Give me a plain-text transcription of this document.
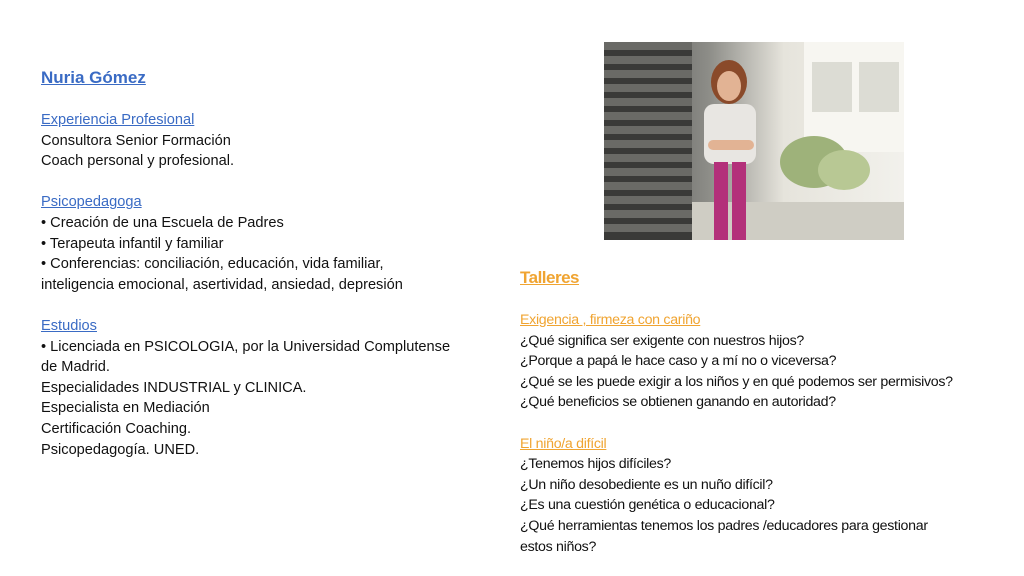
Nuria Gómez
Experiencia Profesional
Consultora Senior Formación
Coach personal y profesional.
Psicopedagoga
• Creación de una Escuela de Padres
• Terapeuta infantil y familiar
• Conferencias: conciliación, educación, vida familiar,
inteligencia emocional, asertividad, ansiedad, depresión
Estudios
• Licenciada en PSICOLOGIA, por la Universidad Complutense
de Madrid.
Especialidades INDUSTRIAL y CLINICA.
Especialista en Mediación
Certificación Coaching.
Psicopedagogía. UNED.
Talleres
Exigencia , firmeza con cariño
¿Qué significa ser exigente con nuestros hijos?
¿Porque a papá le hace caso y a mí no o viceversa?
¿Qué se les puede exigir a los niños y en qué podemos ser permisivos?
¿Qué beneficios se obtienen ganando en autoridad?
El niño/a difícil
¿Tenemos hijos difíciles?
¿Un niño desobediente es un nuño difícil?
¿Es una cuestión genética o educacional?
¿Qué herramientas tenemos los padres /educadores para gestionar
estos niños?
